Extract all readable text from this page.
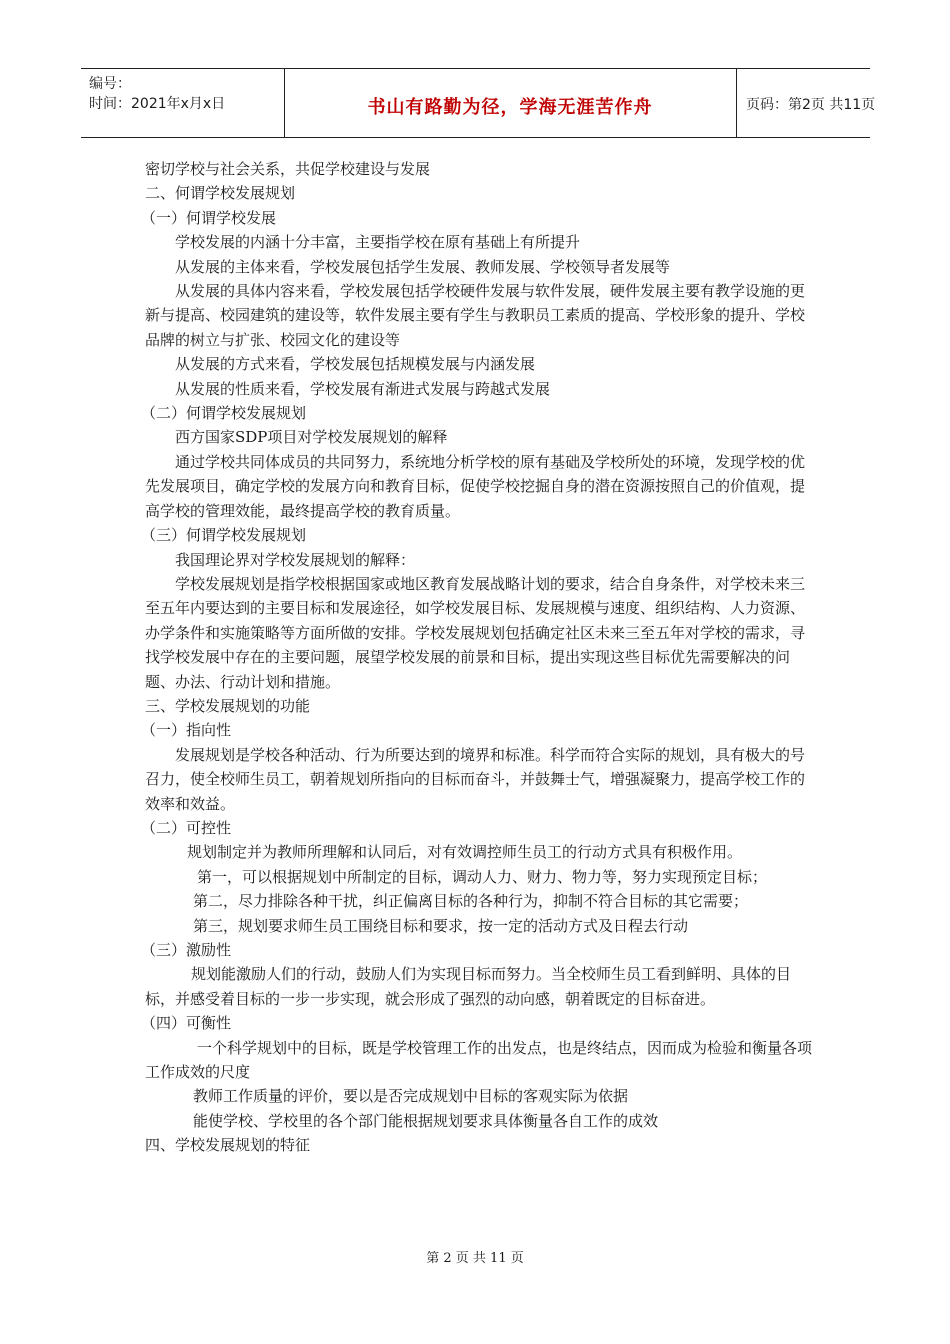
编号：
时间：2021年x月x日	书山有路勤为径，学海无涯苦作舟	页码：第2页 共11页

密切学校与社会关系，共促学校建设与发展

二、何谓学校发展规划

（一）何谓学校发展

学校发展的内涵十分丰富，主要指学校在原有基础上有所提升

从发展的主体来看，学校发展包括学生发展、教师发展、学校领导者发展等

从发展的具体内容来看，学校发展包括学校硬件发展与软件发展，硬件发展主要有教学设施的更新与提高、校园建筑的建设等，软件发展主要有学生与教职员工素质的提高、学校形象的提升、学校品牌的树立与扩张、校园文化的建设等

从发展的方式来看，学校发展包括规模发展与内涵发展

从发展的性质来看，学校发展有渐进式发展与跨越式发展

（二）何谓学校发展规划

西方国家SDP项目对学校发展规划的解释

通过学校共同体成员的共同努力，系统地分析学校的原有基础及学校所处的环境，发现学校的优先发展项目，确定学校的发展方向和教育目标，促使学校挖掘自身的潜在资源按照自己的价值观，提高学校的管理效能，最终提高学校的教育质量。

（三）何谓学校发展规划

我国理论界对学校发展规划的解释：

学校发展规划是指学校根据国家或地区教育发展战略计划的要求，结合自身条件，对学校未来三至五年内要达到的主要目标和发展途径，如学校发展目标、发展规模与速度、组织结构、人力资源、办学条件和实施策略等方面所做的安排。学校发展规划包括确定社区未来三至五年对学校的需求，寻找学校发展中存在的主要问题，展望学校发展的前景和目标，提出实现这些目标优先需要解决的问题、办法、行动计划和措施。

三、学校发展规划的功能

（一）指向性

发展规划是学校各种活动、行为所要达到的境界和标准。科学而符合实际的规划，具有极大的号召力，使全校师生员工，朝着规划所指向的目标而奋斗，并鼓舞士气，增强凝聚力，提高学校工作的效率和效益。

（二）可控性

规划制定并为教师所理解和认同后，对有效调控师生员工的行动方式具有积极作用。

第一，可以根据规划中所制定的目标，调动人力、财力、物力等，努力实现预定目标；

第二，尽力排除各种干扰，纠正偏离目标的各种行为，抑制不符合目标的其它需要；

第三，规划要求师生员工围绕目标和要求，按一定的活动方式及日程去行动

（三）激励性

规划能激励人们的行动，鼓励人们为实现目标而努力。当全校师生员工看到鲜明、具体的目标，并感受着目标的一步一步实现，就会形成了强烈的动向感，朝着既定的目标奋进。

（四）可衡性

一个科学规划中的目标，既是学校管理工作的出发点，也是终结点，因而成为检验和衡量各项工作成效的尺度

教师工作质量的评价，要以是否完成规划中目标的客观实际为依据

能使学校、学校里的各个部门能根据规划要求具体衡量各自工作的成效

四、学校发展规划的特征

第 2 页 共 11 页
